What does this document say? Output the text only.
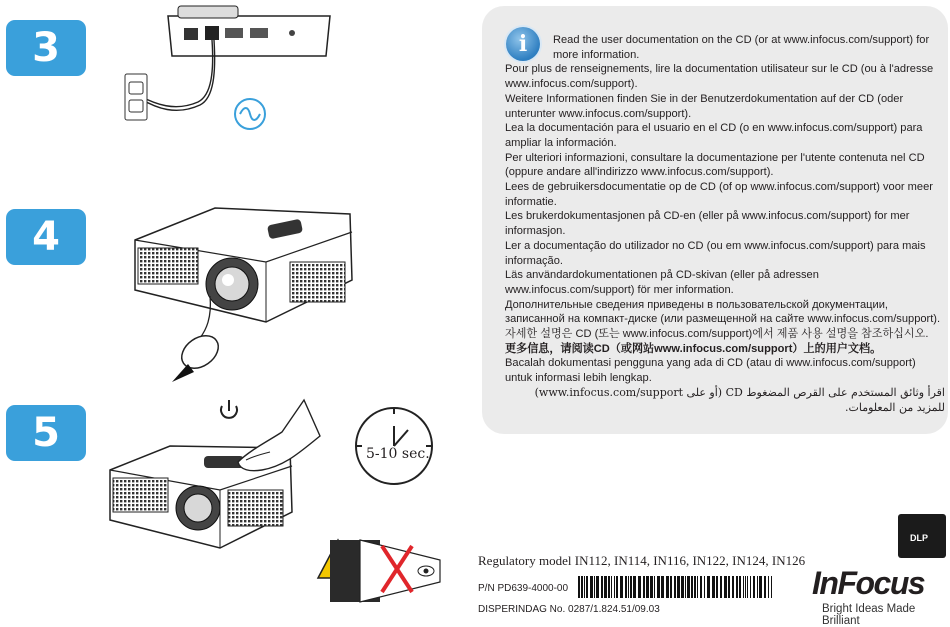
3
4
5	5-10 sec.
i	Read the user documentation on the CD (or at www.infocus.com/support) for more information.

Pour plus de renseignements, lire la documentation utilisateur sur le CD (ou à l'adresse www.infocus.com/support).

Weitere Informationen finden Sie in der Benutzerdokumentation auf der CD (oder unterunter www.infocus.com/support).

Lea la documentación para el usuario en el CD (o en www.infocus.com/support) para ampliar la información.

Per ulteriori informazioni, consultare la documentazione per l'utente contenuta nel CD (oppure andare all'indirizzo www.infocus.com/support).

Lees de gebruikersdocumentatie op de CD (of op www.infocus.com/support) voor meer informatie.

Les brukerdokumentasjonen på CD-en (eller på www.infocus.com/support) for mer informasjon.

Ler a documentação do utilizador no CD (ou em www.infocus.com/support) para mais informação.

Läs användardokumentationen på CD-skivan (eller på adressen www.infocus.com/support) för mer information.

Дополнительные сведения приведены в пользовательской документации, записанной на компакт-диске (или размещенной на сайте www.infocus.com/support).

자세한 설명은 CD (또는 www.infocus.com/support)에서 제품 사용 설명을 참조하십시오.

更多信息，请阅读CD（或网站www.infocus.com/support）上的用户文档。

Bacalah dokumentasi pengguna yang ada di CD (atau di www.infocus.com/support) untuk informasi lebih lengkap.

اقرأ وثائق المستخدم على القرص المضغوط CD (أو على www.infocus.com/support) للمزيد من المعلومات.

Regulatory model IN112, IN114, IN116, IN122, IN124, IN126
P/N PD639-4000-00
DISPERINDAG No. 0287/1.824.51/09.03
DLP
InFocus
Bright Ideas Made Brilliant
